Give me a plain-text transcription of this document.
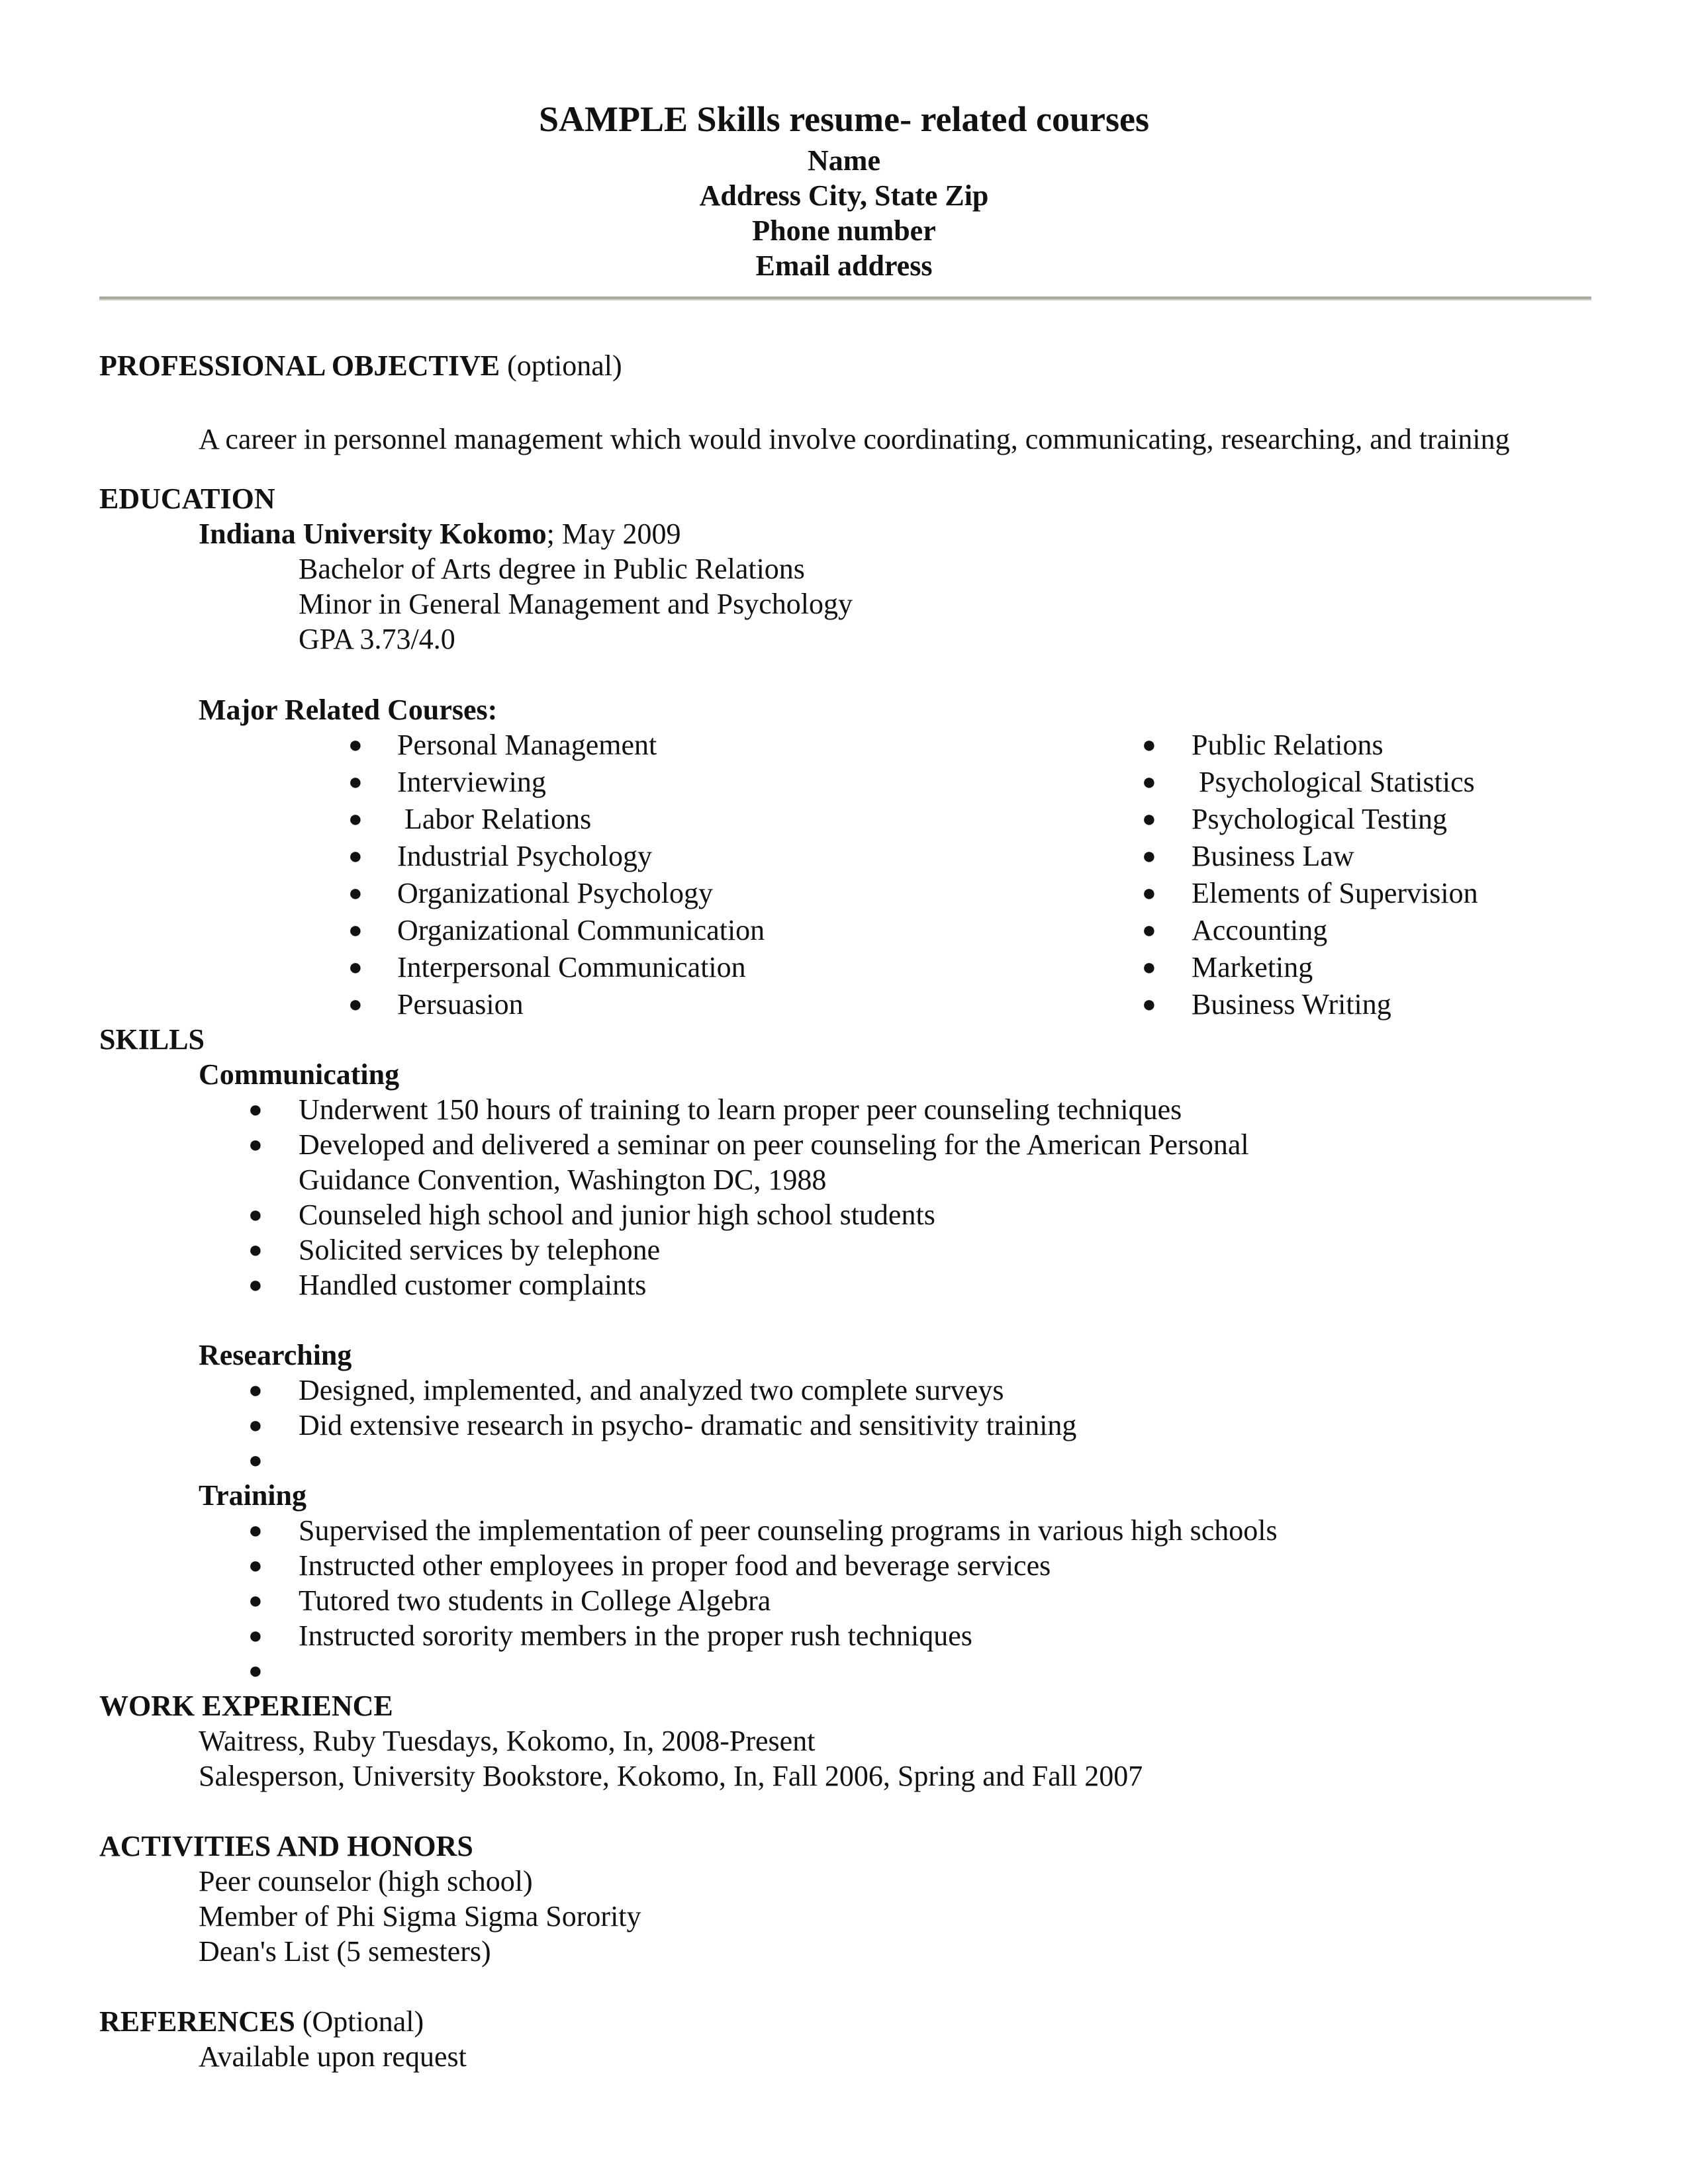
SAMPLE Skills resume- related courses
Name
Address City, State Zip
Phone number
Email address
PROFESSIONAL OBJECTIVE (optional)
A career in personnel management which would involve coordinating, communicating, researching, and training
EDUCATION
Indiana University Kokomo; May 2009
Bachelor of Arts degree in Public Relations
Minor in General Management and Psychology
GPA 3.73/4.0
Major Related Courses:
● Personal Management
● Interviewing
● Labor Relations
● Industrial Psychology
● Organizational Psychology
● Organizational Communication
● Interpersonal Communication
● Persuasion
● Public Relations
● Psychological Statistics
● Psychological Testing
● Business Law
● Elements of Supervision
● Accounting
● Marketing
● Business Writing
SKILLS
Communicating
● Underwent 150 hours of training to learn proper peer counseling techniques
● Developed and delivered a seminar on peer counseling for the American Personal
Guidance Convention, Washington DC, 1988
● Counseled high school and junior high school students
● Solicited services by telephone
● Handled customer complaints
Researching
● Designed, implemented, and analyzed two complete surveys
● Did extensive research in psycho- dramatic and sensitivity training
●
Training
● Supervised the implementation of peer counseling programs in various high schools
● Instructed other employees in proper food and beverage services
● Tutored two students in College Algebra
● Instructed sorority members in the proper rush techniques
●
WORK EXPERIENCE
Waitress, Ruby Tuesdays, Kokomo, In, 2008-Present
Salesperson, University Bookstore, Kokomo, In, Fall 2006, Spring and Fall 2007
ACTIVITIES AND HONORS
Peer counselor (high school)
Member of Phi Sigma Sigma Sorority
Dean's List (5 semesters)
REFERENCES (Optional)
Available upon request
